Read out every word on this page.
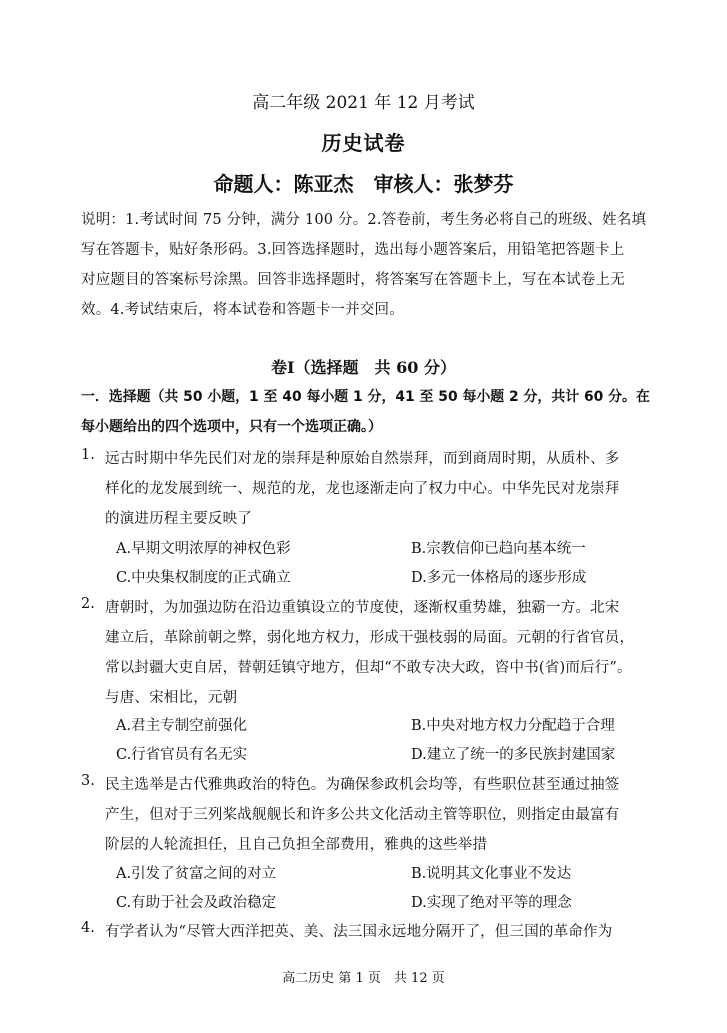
高二年级 2021 年 12 月考试
历史试卷
命题人：陈亚杰　审核人：张梦芬
说明：1.考试时间 75 分钟，满分 100 分。2.答卷前，考生务必将自己的班级、姓名填
写在答题卡，贴好条形码。3.回答选择题时，选出每小题答案后，用铅笔把答题卡上
对应题目的答案标号涂黑。回答非选择题时，将答案写在答题卡上，写在本试卷上无
效。4.考试结束后，将本试卷和答题卡一并交回。
卷Ⅰ（选择题　共 60 分）
一．选择题（共 50 小题，1 至 40 每小题 1 分，41 至 50 每小题 2 分，共计 60 分。在
每小题给出的四个选项中，只有一个选项正确。）
1. 远古时期中华先民们对龙的崇拜是种原始自然崇拜，而到商周时期，从质朴、多
样化的龙发展到统一、规范的龙，龙也逐渐走向了权力中心。中华先民对龙崇拜
的演进历程主要反映了
A.早期文明浓厚的神权色彩	B.宗教信仰已趋向基本统一
C.中央集权制度的正式确立	D.多元一体格局的逐步形成
2. 唐朝时，为加强边防在沿边重镇设立的节度使，逐渐权重势雄，独霸一方。北宋
建立后，革除前朝之弊，弱化地方权力，形成干强枝弱的局面。元朝的行省官员，
常以封疆大吏自居，替朝廷镇守地方，但却“不敢专决大政，咨中书(省)而后行”。
与唐、宋相比，元朝
A.君主专制空前强化	B.中央对地方权力分配趋于合理
C.行省官员有名无实	D.建立了统一的多民族封建国家
3. 民主选举是古代雅典政治的特色。为确保参政机会均等，有些职位甚至通过抽签
产生，但对于三列桨战舰舰长和许多公共文化活动主管等职位，则指定由最富有
阶层的人轮流担任，且自己负担全部费用，雅典的这些举措
A.引发了贫富之间的对立	B.说明其文化事业不发达
C.有助于社会及政治稳定	D.实现了绝对平等的理念
4. 有学者认为“尽管大西洋把英、美、法三国永远地分隔开了，但三国的革命作为
高二历史 第 1 页　共 12 页
